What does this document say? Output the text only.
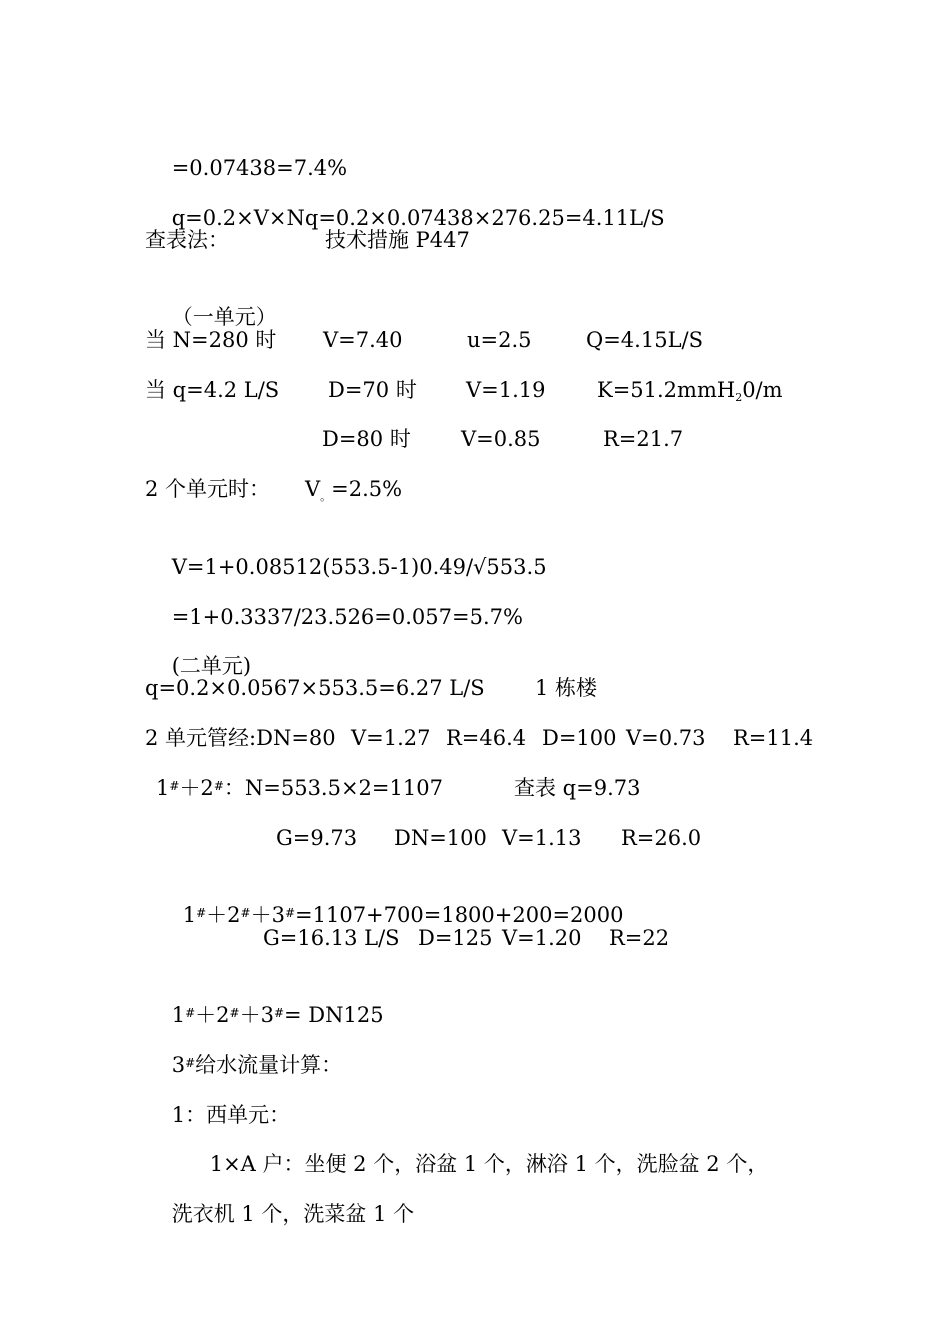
=0.07438=7.4%

q=0.2×V×Nq=0.2×0.07438×276.25=4.11L/S

查表法：

	技术措施 P447

（一单元）

当 N=280 时

V=7.40

	u=2.5

	Q=4.15L/S

当 q=4.2 L/S

D=70 时

V=1.19

K=51.2mmH$_2$0/m

D=80 时

V=0.85

	R=21.7

2 个单元时：

$V_。=2.5\%$

V=1+0.08512(553.5-1)0.49/√553.5

=1+0.3337/23.526=0.057=5.7%

(二单元)

q=0.2×0.0567×553.5=6.27 L/S

1 栋楼

2 单元管经:DN=80

V=1.27

R=46.4

D=100

V=0.73

R=11.4

1#＋2#：N=553.5×2=1107

	查表 q=9.73

G=9.73

DN=100

V=1.13

R=26.0

1#＋2#＋3#=1107+700=1800+200=2000

G=16.13 L/S

D=125

V=1.20

R=22

1#＋2#＋3#= DN125

3#给水流量计算：

1：西单元：

1×A 户：坐便 2 个，浴盆 1 个，淋浴 1 个，洗脸盆 2 个，

洗衣机 1 个，洗菜盆 1 个
